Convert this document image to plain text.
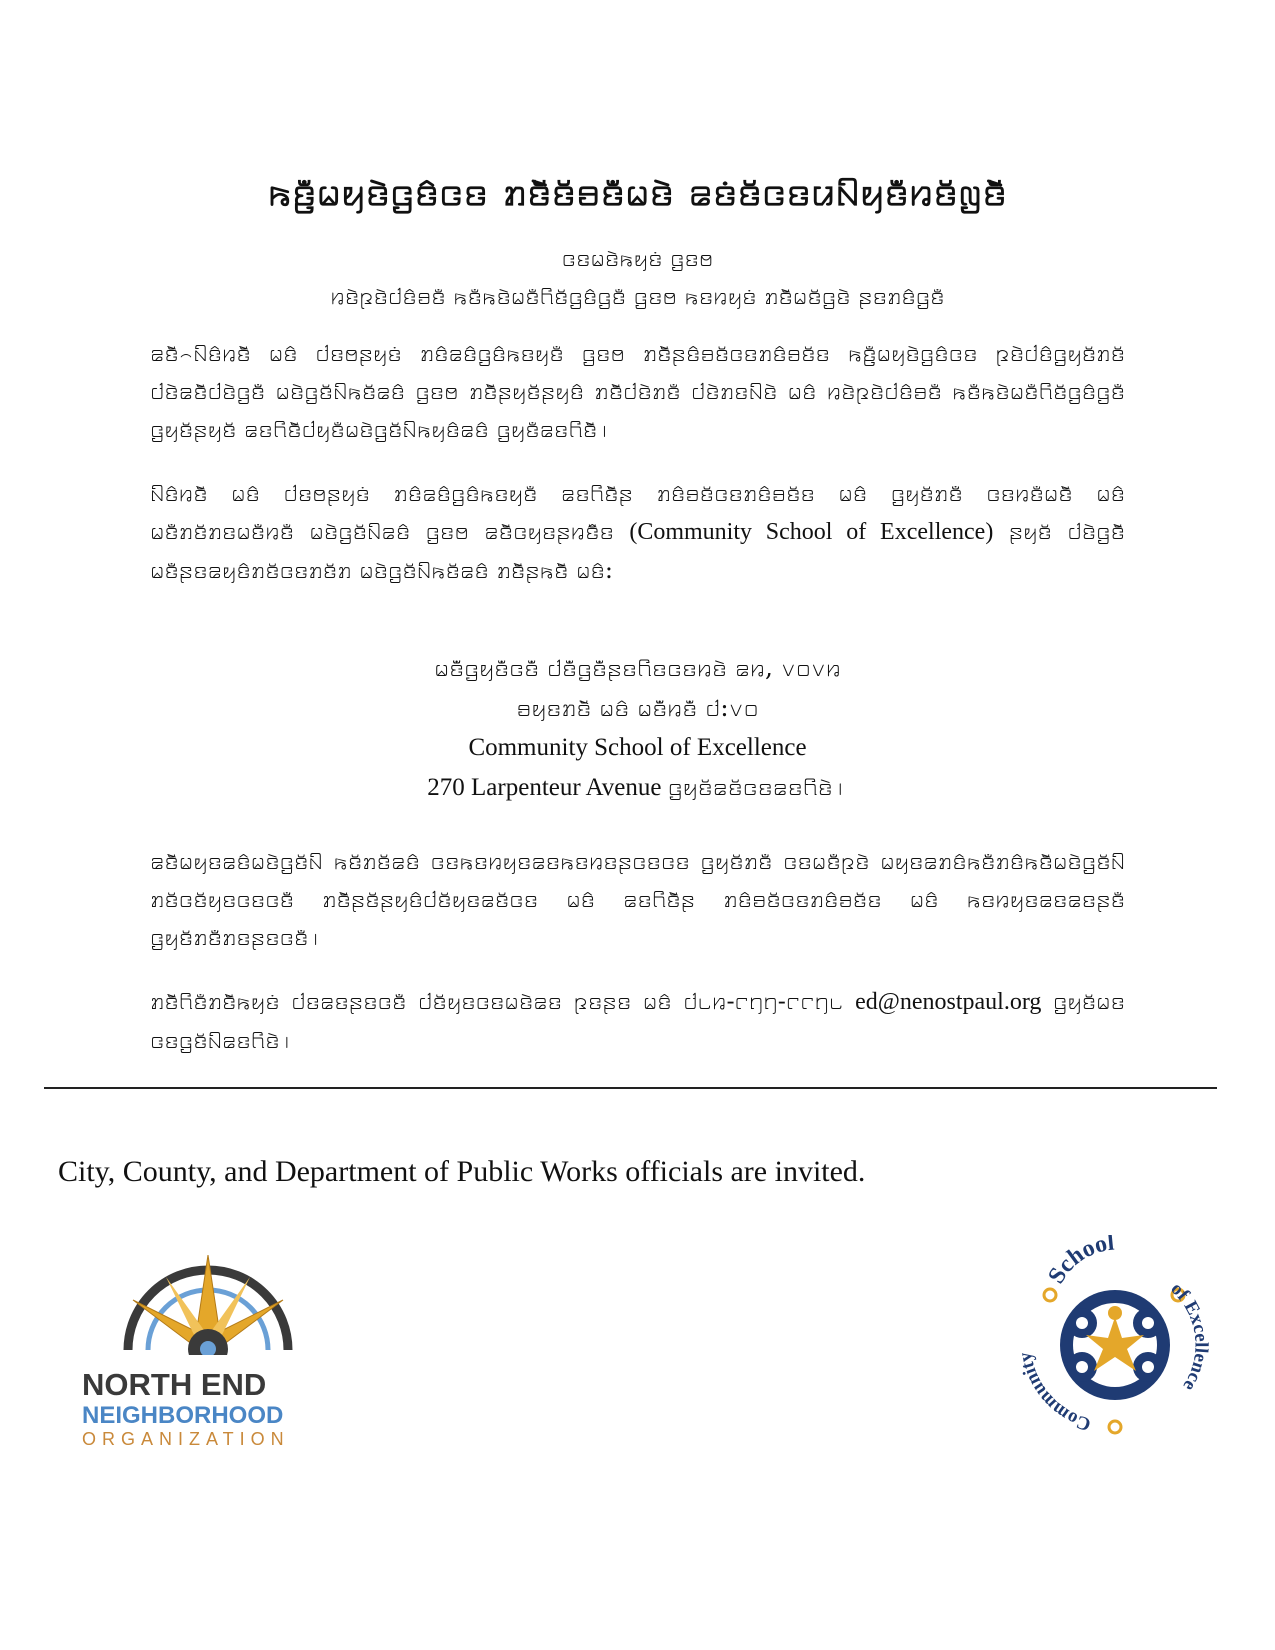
ꤒꤢꤪ꤬ꤗꤟꤢꤧꤞꤢꤨꤍꤢ ꤊꤢꤩꤧꤢꤩꤋꤢꤪꤗꤢꤧ ꤘꤢꤦꤢꤩꤍꤢꤣꤡꤟꤢꤪꤙꤢꤩꤜꤢꤩꤧ
ꤍꤢꤗꤢꤧꤒꤟꤢꤦ ꤞꤢꤥ
ꤙꤢꤧꤐꤢꤧꤓꤢꤨꤋꤢꤪ ꤒꤢꤪꤒꤢꤧꤗꤢꤪꤖꤢꤩꤞꤢꤨꤞꤢꤪ ꤞꤢꤥ ꤒꤢꤙꤟꤢꤦ ꤊꤢꤩꤧꤗꤢꤩꤞꤢꤧ ꤔꤢꤊꤢꤨꤞꤢꤪ
ꤘꤢꤩꤧ꤮ꤡꤢꤨꤙꤢꤩꤧ ꤗꤢꤨ ꤓꤢꤥꤔꤟꤢꤦ ꤊꤢꤨꤘꤢꤨꤞꤢꤨꤒꤢꤟꤢꤪ ꤞꤢꤥ ꤊꤢꤩꤧꤔꤢꤨꤋꤢꤩꤍꤢꤊꤢꤨꤋꤢꤩꤢ ꤒꤢꤪ꤬ꤗꤟꤢꤧꤞꤢꤨꤍꤢ ꤐꤢꤧꤓꤢꤨꤞꤟꤢꤩꤊꤢꤩ ꤓꤢꤧꤘꤢꤩꤧꤓꤢꤧꤞꤢꤩꤪ ꤗꤢꤧꤞꤢꤩꤡꤒꤢꤩꤘꤢꤨ ꤞꤢꤥ ꤊꤢꤩꤧꤔꤟꤢꤩꤔꤟꤢꤨ ꤊꤢꤩꤧꤓꤢꤧꤊꤢꤪ ꤓꤢꤧꤊꤢꤡꤢꤧ ꤗꤢꤨ ꤙꤢꤧꤐꤢꤧꤓꤢꤨꤋꤢꤪ ꤒꤢꤪꤒꤢꤧꤗꤢꤪꤖꤢꤩꤞꤢꤨꤞꤢꤪ ꤞꤟꤢꤩꤔꤟꤢꤩ ꤘꤢꤖꤢꤩꤧꤓꤟꤢꤪꤗꤢꤧꤞꤢꤩꤡꤒꤟꤢꤨꤘꤢꤨ ꤞꤟꤢꤪꤘꤢꤖꤢꤩꤧ꤯
ꤡꤢꤨꤙꤢꤩꤧ ꤗꤢꤨ ꤓꤢꤥꤔꤟꤢꤦ ꤊꤢꤨꤘꤢꤨꤞꤢꤨꤒꤢꤟꤢꤪ ꤘꤢꤖꤢꤩꤧꤔ ꤊꤢꤨꤋꤢꤩꤍꤢꤊꤢꤨꤋꤢꤩꤢ ꤗꤢꤨ ꤞꤟꤢꤩꤊꤢꤩꤪ ꤍꤢꤙꤢꤪꤗꤢꤩꤧ ꤗꤢꤨ ꤗꤢꤩꤪꤊꤢꤩꤊꤢꤗꤢꤩꤪꤙꤢꤪ ꤗꤢꤧꤞꤢꤩꤡꤘꤢꤨ ꤞꤢꤥ ꤘꤢꤩꤧꤍꤟꤢꤔꤙꤢꤨꤩꤢ (Community School of Excellence) ꤔꤟꤢꤩ ꤓꤢꤧꤞꤢꤩꤧ ꤗꤢꤩꤪꤔꤢꤘꤟꤢꤨꤊꤢꤩꤍꤢꤊꤢꤩꤊ ꤗꤢꤧꤞꤢꤩꤡꤒꤢꤩꤘꤢꤨ ꤊꤢꤩꤧꤔꤒꤢꤩꤧ ꤗꤢꤨ:
ꤗꤢꤩꤪꤞꤟꤢꤪꤍꤢꤪ ꤓꤢꤪꤞꤢꤪꤔꤢꤖꤢꤍꤢꤙꤢꤧ ꤁꤆, ꤂꤀꤂꤆
ꤋꤟꤢꤊꤢꤩꤧ ꤗꤢꤨ ꤗꤢꤩꤪꤙꤢꤪ ꤇:꤂꤀
Community School of Excellence
270 Larpenteur Avenue ꤞꤟꤢꤩꤘꤢꤩꤍꤢꤘꤢꤖꤢꤧ꤯
ꤘꤢꤩꤧꤗꤟꤢꤘꤢꤨꤗꤢꤧꤞꤢꤩꤡ ꤒꤢꤩꤊꤢꤩꤘꤢꤨ ꤍꤢꤒꤢꤙꤟꤢꤘꤢꤒꤢꤙꤢꤔꤍꤢꤍꤢ ꤞꤟꤢꤩꤊꤢꤩꤪ ꤍꤢꤗꤢꤩꤪꤐꤢꤧ ꤗꤟꤢꤘꤊꤢꤨꤒꤢꤩꤪꤊꤢꤨꤒꤢꤩꤧꤗꤢꤧꤞꤢꤩꤡ ꤊꤢꤩꤍꤢꤩꤟꤢꤍꤢꤍꤢꤩꤪ ꤊꤢꤩꤧꤔꤢꤩꤔꤟꤢꤨꤓꤢꤩꤟꤢꤘꤢꤩꤍꤢ ꤗꤢꤨ ꤘꤢꤖꤢꤩꤧꤔ ꤊꤢꤨꤋꤢꤩꤍꤢꤊꤢꤨꤋꤢꤩꤢ ꤗꤢꤨ ꤒꤢꤙꤟꤢꤘꤢꤘꤢꤔꤢꤪ ꤞꤟꤢꤩꤊꤢꤩꤪꤊꤢꤔꤢꤍꤢꤩꤪ꤯
ꤊꤢꤩꤧꤖꤢꤪꤊꤢꤩꤧꤒꤟꤢꤦ ꤓꤢꤘꤢꤔꤢꤍꤢꤩꤪ ꤓꤢꤩꤟꤢꤍꤢꤗꤢꤧꤘꤢ ꤐꤢꤔꤢ ꤗꤢꤨ ꤇꤈꤆-꤅꤄꤄-꤅꤅꤄꤈ ed@nenostpaul.org ꤞꤟꤢꤩꤗꤢ ꤍꤢꤞꤢꤩꤡꤘꤢꤖꤢꤧ꤯
City, County, and Department of Public Works officials are invited.
NORTH END
NEIGHBORHOOD
ORGANIZATION
School
of Excellence
Communi
